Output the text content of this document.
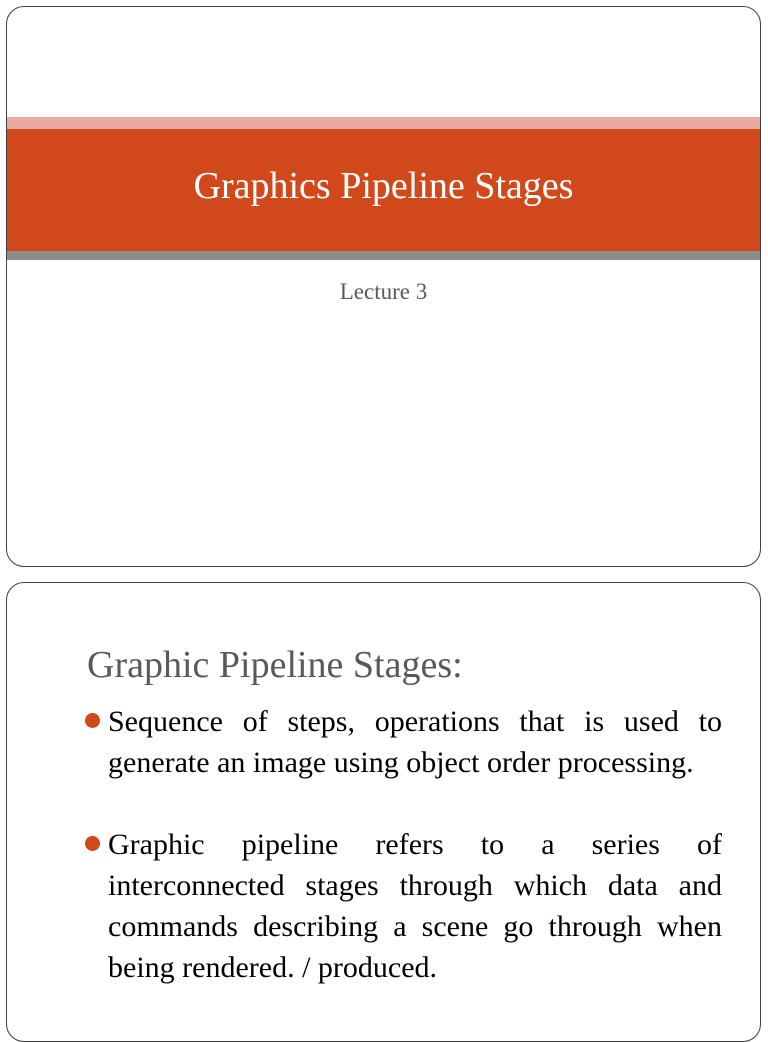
Graphics Pipeline Stages
Lecture 3
Graphic Pipeline Stages:
Sequence of steps, operations that is used to generate an image using object order processing.
Graphic pipeline refers to a series of interconnected stages through which data and commands describing a scene go through when being rendered. / produced.
